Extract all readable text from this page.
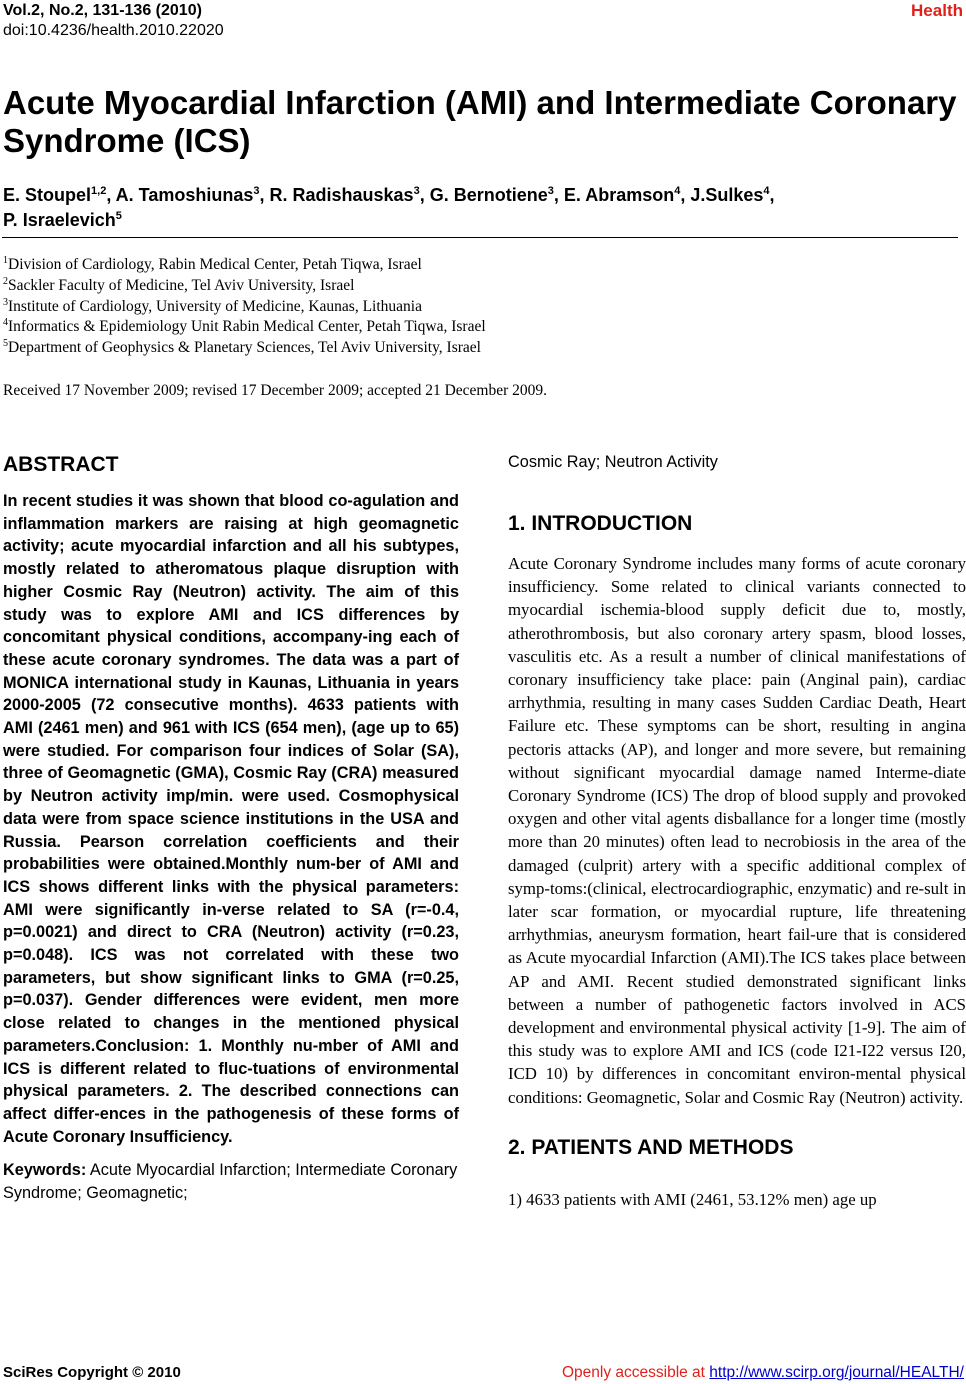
Vol.2, No.2, 131-136 (2010)
doi:10.4236/health.2010.22020
Health
Acute Myocardial Infarction (AMI) and Intermediate Coronary Syndrome (ICS)
E. Stoupel$^{1,2}$, A. Tamoshiunas$^3$, R. Radishauskas$^3$, G. Bernotiene$^3$, E. Abramson$^4$, J.Sulkes$^4$,
P. Israelevich$^5$
$^1$Division of Cardiology, Rabin Medical Center, Petah Tiqwa, Israel
$^2$Sackler Faculty of Medicine, Tel Aviv University, Israel
$^3$Institute of Cardiology, University of Medicine, Kaunas, Lithuania
$^4$Informatics & Epidemiology Unit Rabin Medical Center, Petah Tiqwa, Israel
$^5$Department of Geophysics & Planetary Sciences, Tel Aviv University, Israel
Received 17 November 2009; revised 17 December 2009; accepted 21 December 2009.
ABSTRACT

In recent studies it was shown that blood co-agulation and inflammation markers are raising at high geomagnetic activity; acute myocardial infarction and all his subtypes, mostly related to atheromatous plaque disruption with higher Cosmic Ray (Neutron) activity. The aim of this study was to explore AMI and ICS differences by concomitant physical conditions, accompany-ing each of these acute coronary syndromes. The data was a part of MONICA international study in Kaunas, Lithuania in years 2000-2005 (72 consecutive months). 4633 patients with AMI (2461 men) and 961 with ICS (654 men), (age up to 65) were studied. For comparison four indices of Solar (SA), three of Geomagnetic (GMA), Cosmic Ray (CRA) measured by Neutron activity imp/min. were used. Cosmophysical data were from space science institutions in the USA and Russia. Pearson correlation coefficients and their probabilities were obtained.Monthly num-ber of AMI and ICS shows different links with the physical parameters: AMI were significantly in-verse related to SA (r=-0.4, p=0.0021) and direct to CRA (Neutron) activity (r=0.23, p=0.048). ICS was not correlated with these two parameters, but show significant links to GMA (r=0.25, p=0.037). Gender differences were evident, men more close related to changes in the mentioned physical parameters.Conclusion: 1. Monthly nu-mber of AMI and ICS is different related to fluc-tuations of environmental physical parameters. 2. The described connections can affect differ-ences in the pathogenesis of these forms of Acute Coronary Insufficiency.

Keywords: Acute Myocardial Infarction; Intermediate Coronary Syndrome; Geomagnetic;

Cosmic Ray; Neutron Activity

1. INTRODUCTION

Acute Coronary Syndrome includes many forms of acute coronary insufficiency. Some related to clinical variants connected to myocardial ischemia-blood supply deficit due to, mostly, atherothrombosis, but also coronary artery spasm, blood losses, vasculitis etc. As a result a number of clinical manifestations of coronary insufficiency take place: pain (Anginal pain), cardiac arrhythmia, resulting in many cases Sudden Cardiac Death, Heart Failure etc. These symptoms can be short, resulting in angina pectoris attacks (AP), and longer and more severe, but remaining without significant myocardial damage named Interme-diate Coronary Syndrome (ICS) The drop of blood supply and provoked oxygen and other vital agents disballance for a longer time (mostly more than 20 minutes) often lead to necrobiosis in the area of the damaged (culprit) artery with a specific additional complex of symp-toms:(clinical, electrocardiographic, enzymatic) and re-sult in later scar formation, or myocardial rupture, life threatening arrhythmias, aneurysm formation, heart fail-ure that is considered as Acute myocardial Infarction (AMI).The ICS takes place between AP and AMI. Recent studied demonstrated significant links between a number of pathogenetic factors involved in ACS development and environmental physical activity [1-9]. The aim of this study was to explore AMI and ICS (code I21-I22 versus I20, ICD 10) by differences in concomitant environ-mental physical conditions: Geomagnetic, Solar and Cosmic Ray (Neutron) activity.

2. PATIENTS AND METHODS

1) 4633 patients with AMI (2461, 53.12% men) age up

SciRes Copyright © 2010	Openly accessible at http://www.scirp.org/journal/HEALTH/
